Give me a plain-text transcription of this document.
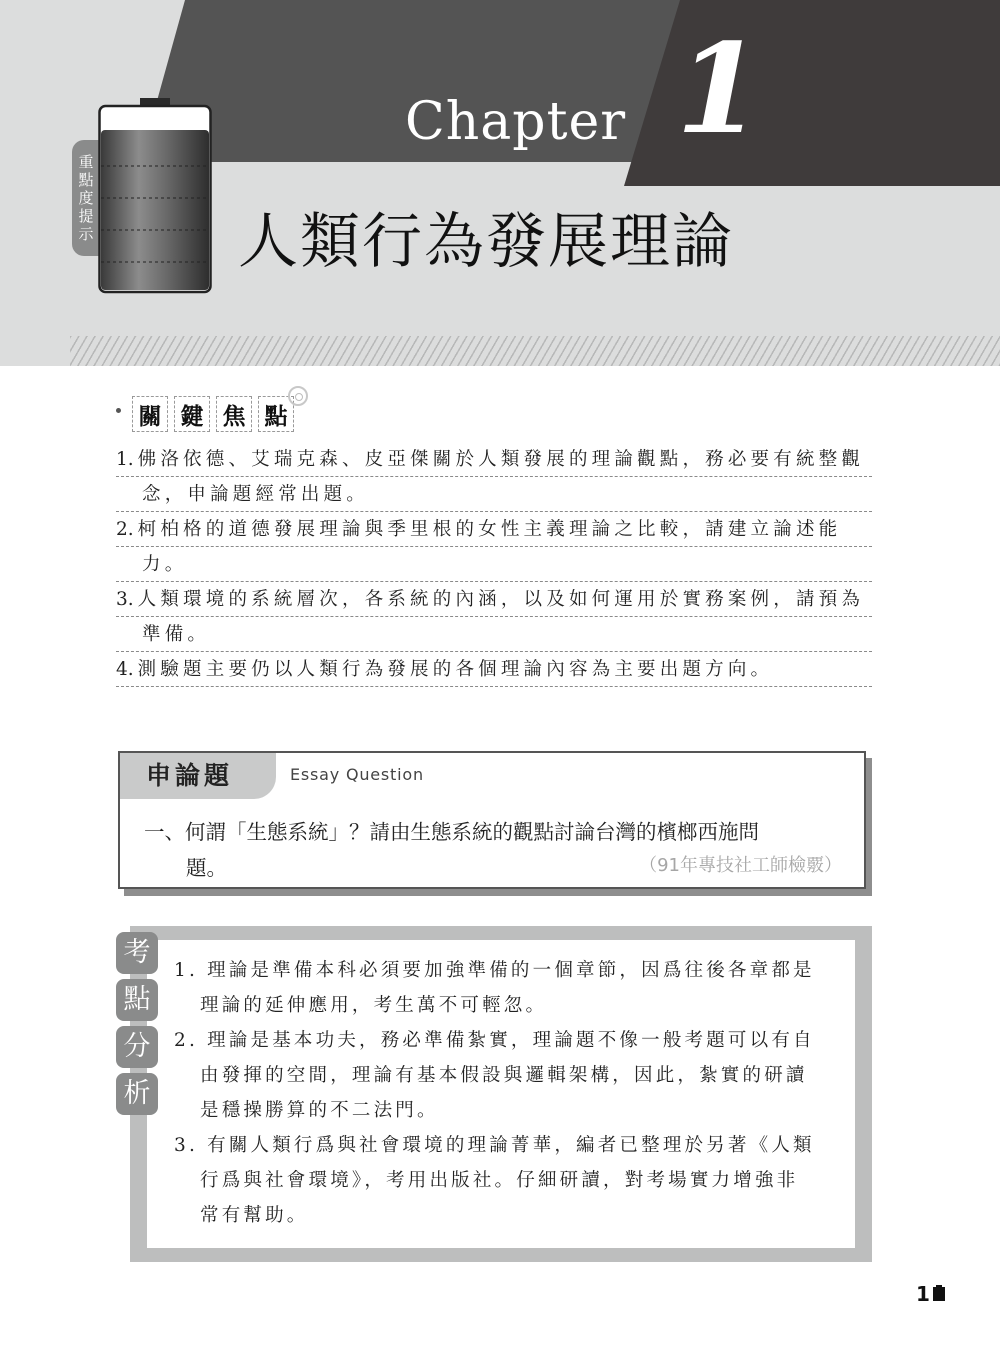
Chapter 1
人類行為發展理論
重
點
度
提
示
關 鍵 焦 點
1. 佛洛依德、艾瑞克森、皮亞傑關於人類發展的理論觀點，務必要有統整觀
念，申論題經常出題。
2. 柯柏格的道德發展理論與季里根的女性主義理論之比較，請建立論述能
力。
3. 人類環境的系統層次，各系統的內涵，以及如何運用於實務案例，請預為
準備。
4. 測驗題主要仍以人類行為發展的各個理論內容為主要出題方向。
申論題	Essay Question
一、何謂「生態系統」？請由生態系統的觀點討論台灣的檳榔西施問
題。	（91年專技社工師檢覈）
考
點
分
析
1. 理論是準備本科必須要加強準備的一個章節，因爲往後各章都是
理論的延伸應用，考生萬不可輕忽。
2. 理論是基本功夫，務必準備紮實，理論題不像一般考題可以有自
由發揮的空間，理論有基本假設與邏輯架構，因此，紮實的研讀
是穩操勝算的不二法門。
3. 有關人類行爲與社會環境的理論菁華，編者已整理於另著《人類
行爲與社會環境》，考用出版社。仔細研讀，對考場實力增強非
常有幫助。
1
